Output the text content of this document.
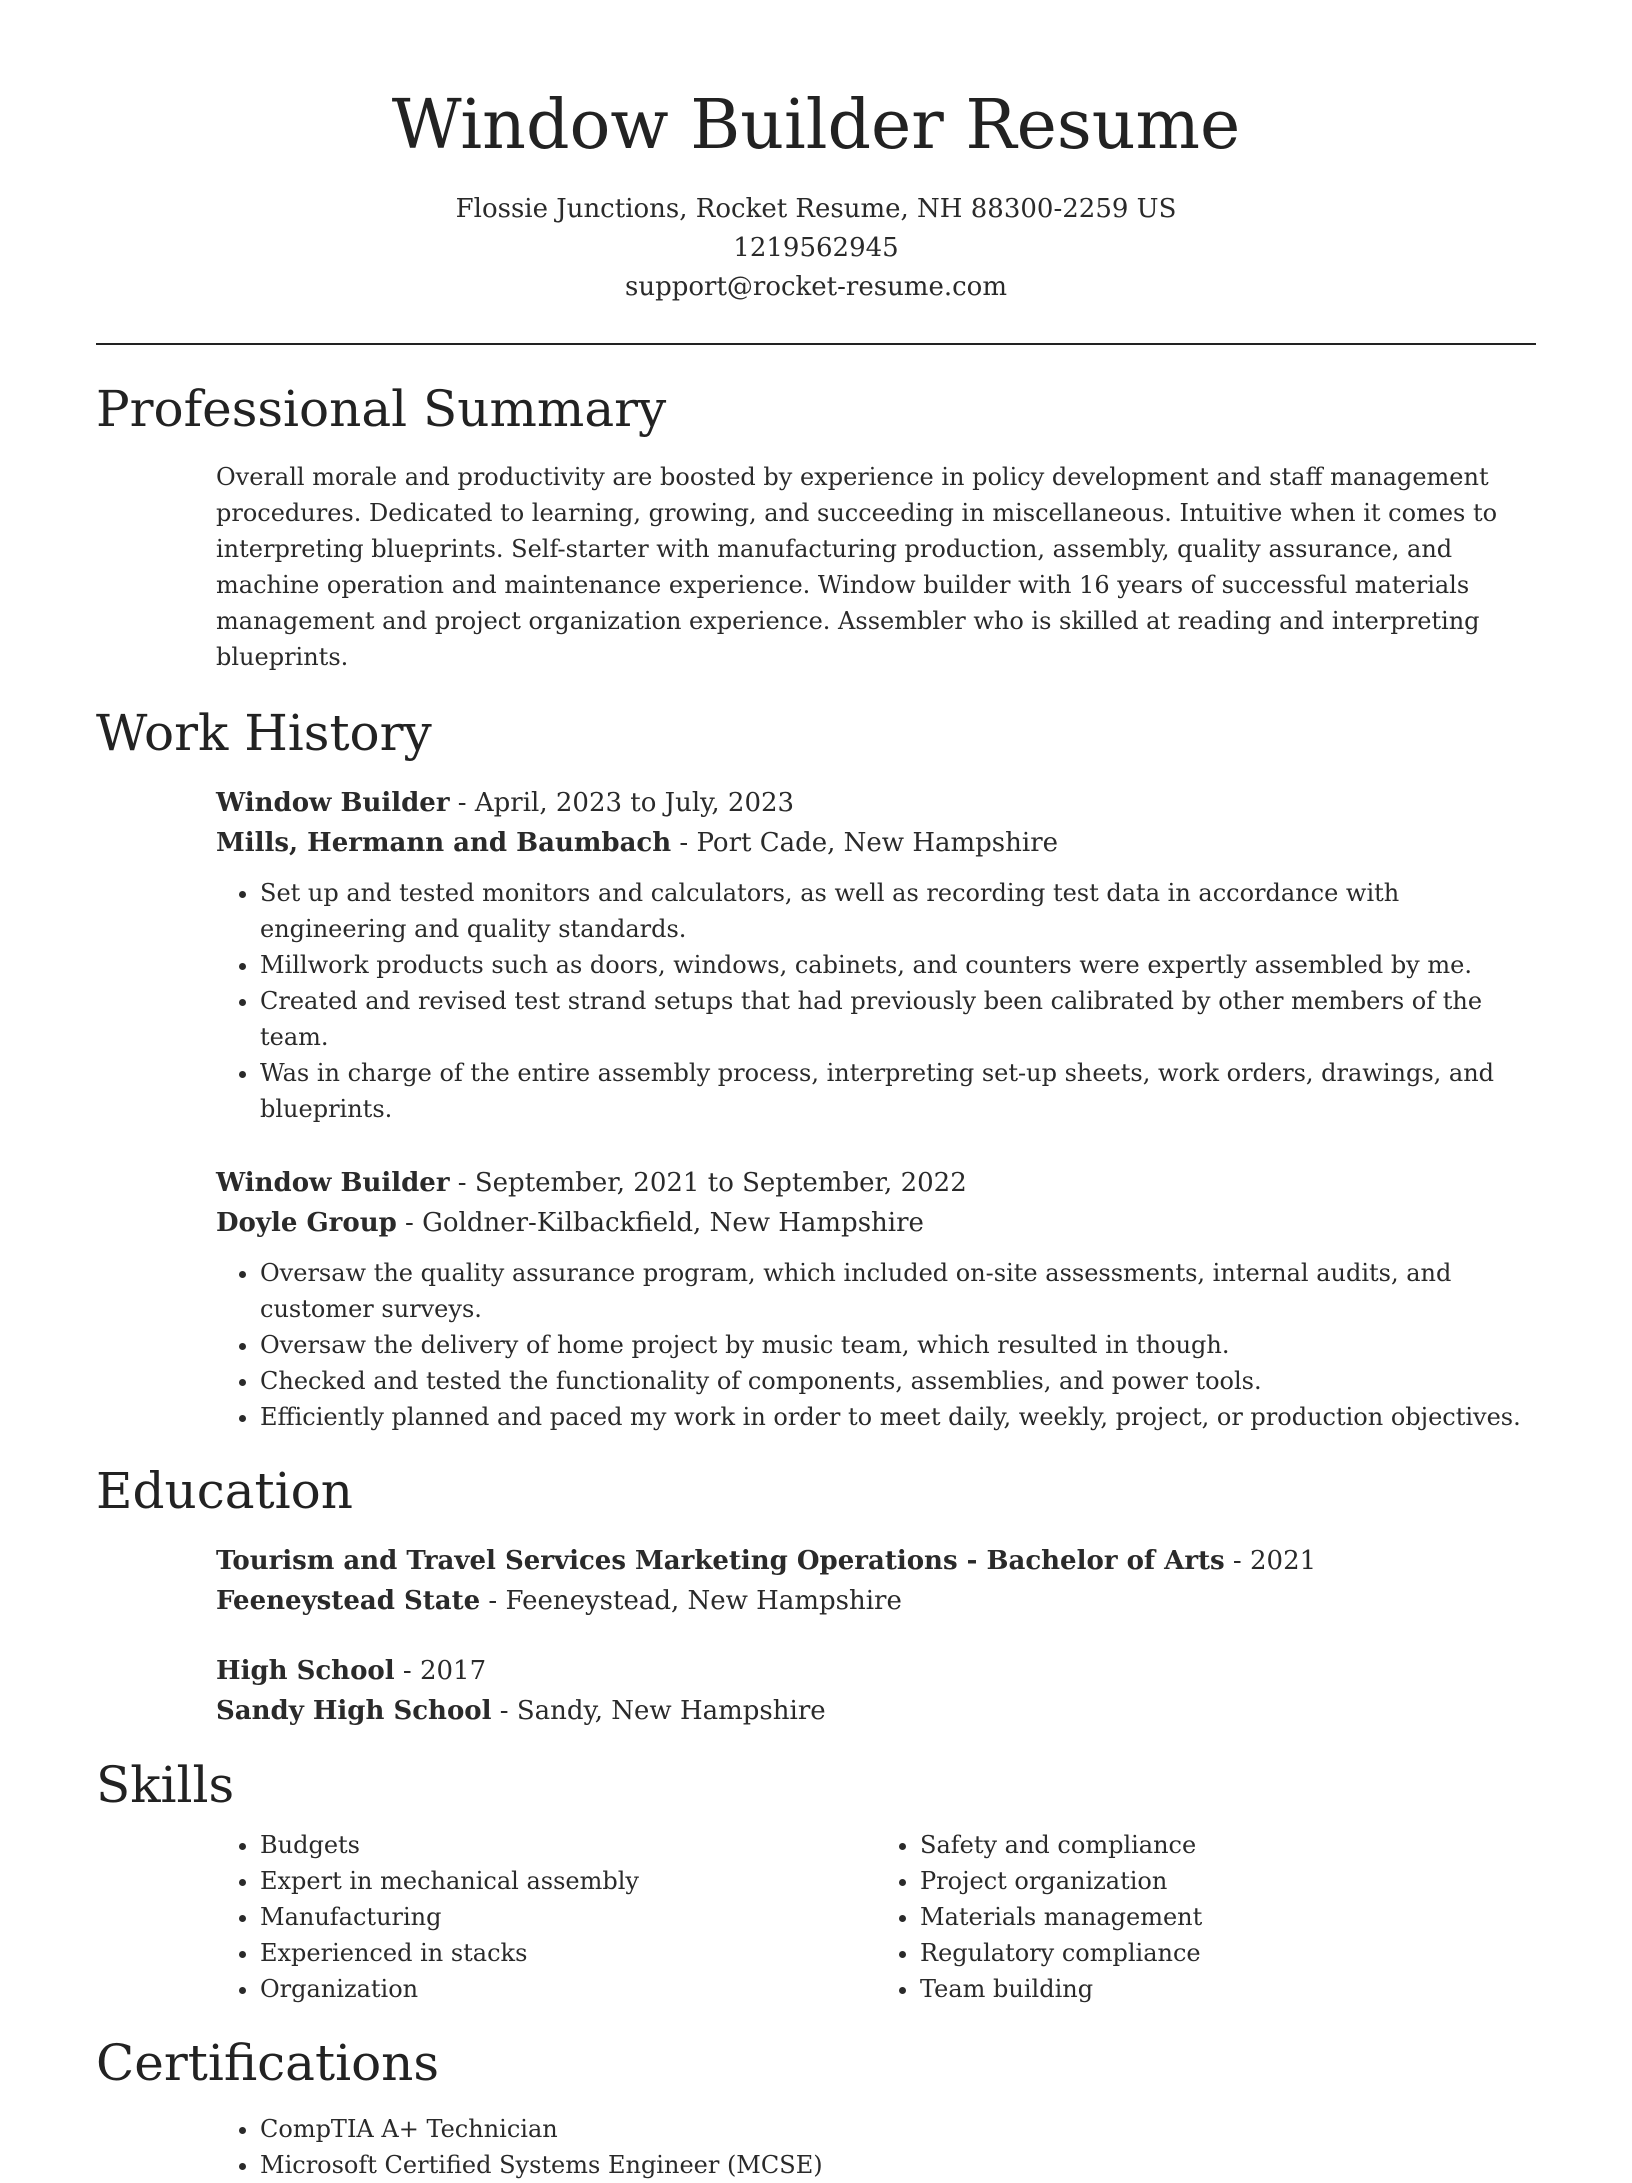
Window Builder Resume
Flossie Junctions, Rocket Resume, NH 88300-2259 US
1219562945
support@rocket-resume.com
Professional Summary

Overall morale and productivity are boosted by experience in policy development and staff management procedures. Dedicated to learning, growing, and succeeding in miscellaneous. Intuitive when it comes to interpreting blueprints. Self-starter with manufacturing production, assembly, quality assurance, and machine operation and maintenance experience. Window builder with 16 years of successful materials management and project organization experience. Assembler who is skilled at reading and interpreting blueprints.

Work History
Window Builder - April, 2023 to July, 2023
Mills, Hermann and Baumbach - Port Cade, New Hampshire
• Set up and tested monitors and calculators, as well as recording test data in accordance with engineering and quality standards.
• Millwork products such as doors, windows, cabinets, and counters were expertly assembled by me.
• Created and revised test strand setups that had previously been calibrated by other members of the team.
• Was in charge of the entire assembly process, interpreting set-up sheets, work orders, drawings, and blueprints.
Window Builder - September, 2021 to September, 2022
Doyle Group - Goldner-Kilbackfield, New Hampshire
• Oversaw the quality assurance program, which included on-site assessments, internal audits, and customer surveys.
• Oversaw the delivery of home project by music team, which resulted in though.
• Checked and tested the functionality of components, assemblies, and power tools.
• Efficiently planned and paced my work in order to meet daily, weekly, project, or production objectives.
Education
Tourism and Travel Services Marketing Operations - Bachelor of Arts - 2021
Feeneystead State - Feeneystead, New Hampshire
High School - 2017
Sandy High School - Sandy, New Hampshire
Skills
• Budgets
• Expert in mechanical assembly
• Manufacturing
• Experienced in stacks
• Organization
• Safety and compliance
• Project organization
• Materials management
• Regulatory compliance
• Team building
Certifications
• CompTIA A+ Technician
• Microsoft Certified Systems Engineer (MCSE)
